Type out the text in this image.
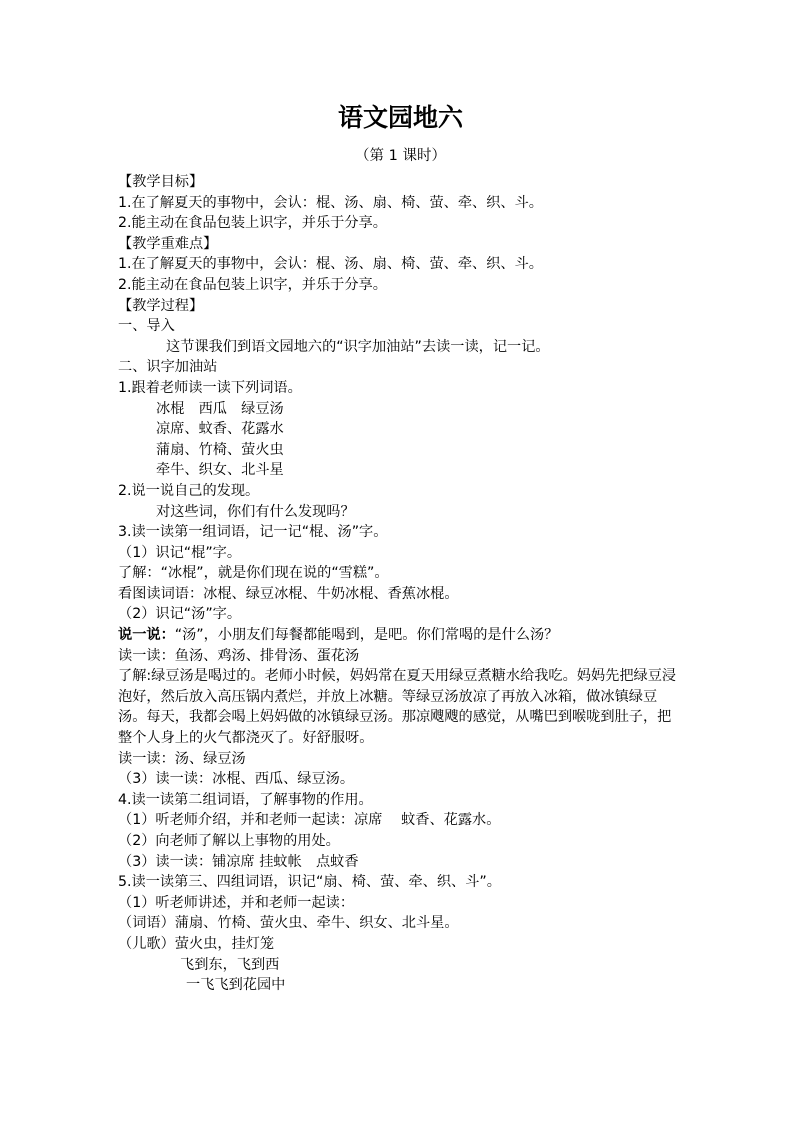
语文园地六
（第 1 课时）
【教学目标】
1.在了解夏天的事物中，会认：棍、汤、扇、椅、萤、牵、织、斗。
2.能主动在食品包装上识字，并乐于分享。
【教学重难点】
1.在了解夏天的事物中，会认：棍、汤、扇、椅、萤、牵、织、斗。
2.能主动在食品包装上识字，并乐于分享。
【教学过程】
一、导入
这节课我们到语文园地六的“识字加油站”去读一读，记一记。
二、识字加油站
1.跟着老师读一读下列词语。
冰棍　西瓜　绿豆汤
凉席、蚊香、花露水
蒲扇、竹椅、萤火虫
牵牛、织女、北斗星
2.说一说自己的发现。
对这些词，你们有什么发现吗？
3.读一读第一组词语，记一记“棍、汤”字。
（1）识记“棍”字。
了解：“冰棍”，就是你们现在说的“雪糕”。
看图读词语：冰棍、绿豆冰棍、牛奶冰棍、香蕉冰棍。
（2）识记“汤”字。
说一说：“汤”，小朋友们每餐都能喝到，是吧。你们常喝的是什么汤？
读一读：鱼汤、鸡汤、排骨汤、蛋花汤
了解:绿豆汤是喝过的。老师小时候，妈妈常在夏天用绿豆煮糖水给我吃。妈妈先把绿豆浸泡好，然后放入高压锅内煮烂，并放上冰糖。等绿豆汤放凉了再放入冰箱，做冰镇绿豆汤。每天，我都会喝上妈妈做的冰镇绿豆汤。那凉飕飕的感觉，从嘴巴到喉咙到肚子，把整个人身上的火气都浇灭了。好舒服呀。
读一读：汤、绿豆汤
（3）读一读：冰棍、西瓜、绿豆汤。
4.读一读第二组词语，了解事物的作用。
（1）听老师介绍，并和老师一起读：凉席　 蚊香、花露水。
（2）向老师了解以上事物的用处。
（3）读一读：铺凉席 挂蚊帐　点蚊香
5.读一读第三、四组词语，识记“扇、椅、萤、牵、织、斗”。
（1）听老师讲述，并和老师一起读：
（词语）蒲扇、竹椅、萤火虫、牵牛、织女、北斗星。
（儿歌）萤火虫，挂灯笼
飞到东，飞到西
一飞飞到花园中
